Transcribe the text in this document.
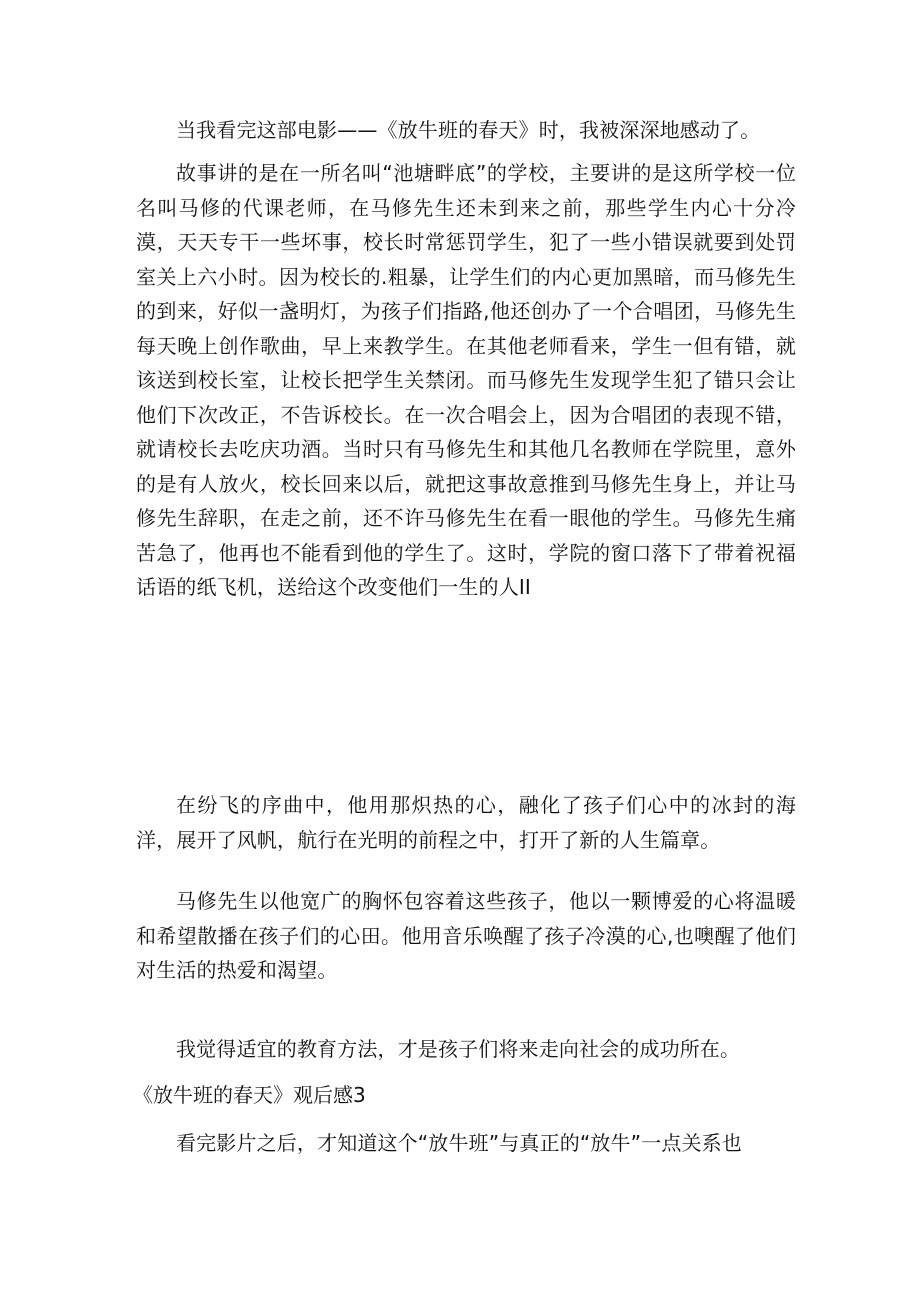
当我看完这部电影——《放牛班的春天》时，我被深深地感动了。

故事讲的是在一所名叫“池塘畔底”的学校，主要讲的是这所学校一位名叫马修的代课老师，在马修先生还未到来之前，那些学生内心十分冷漠，天天专干一些坏事，校长时常惩罚学生，犯了一些小错误就要到处罚室关上六小时。因为校长的.粗暴，让学生们的内心更加黑暗，而马修先生的到来，好似一盏明灯，为孩子们指路,他还创办了一个合唱团，马修先生每天晚上创作歌曲，早上来教学生。在其他老师看来，学生一但有错，就该送到校长室，让校长把学生关禁闭。而马修先生发现学生犯了错只会让他们下次改正，不告诉校长。在一次合唱会上，因为合唱团的表现不错，就请校长去吃庆功酒。当时只有马修先生和其他几名教师在学院里，意外的是有人放火，校长回来以后，就把这事故意推到马修先生身上，并让马修先生辞职，在走之前，还不许马修先生在看一眼他的学生。马修先生痛苦急了，他再也不能看到他的学生了。这时，学院的窗口落下了带着祝福话语的纸飞机，送给这个改变他们一生的人II

在纷飞的序曲中，他用那炽热的心，融化了孩子们心中的冰封的海洋，展开了风帆，航行在光明的前程之中，打开了新的人生篇章。

马修先生以他宽广的胸怀包容着这些孩子，他以一颗博爱的心将温暖和希望散播在孩子们的心田。他用音乐唤醒了孩子冷漠的心,也噢醒了他们对生活的热爱和渴望。

我觉得适宜的教育方法，才是孩子们将来走向社会的成功所在。

《放牛班的春天》观后感3

看完影片之后，才知道这个“放牛班”与真正的“放牛”一点关系也
